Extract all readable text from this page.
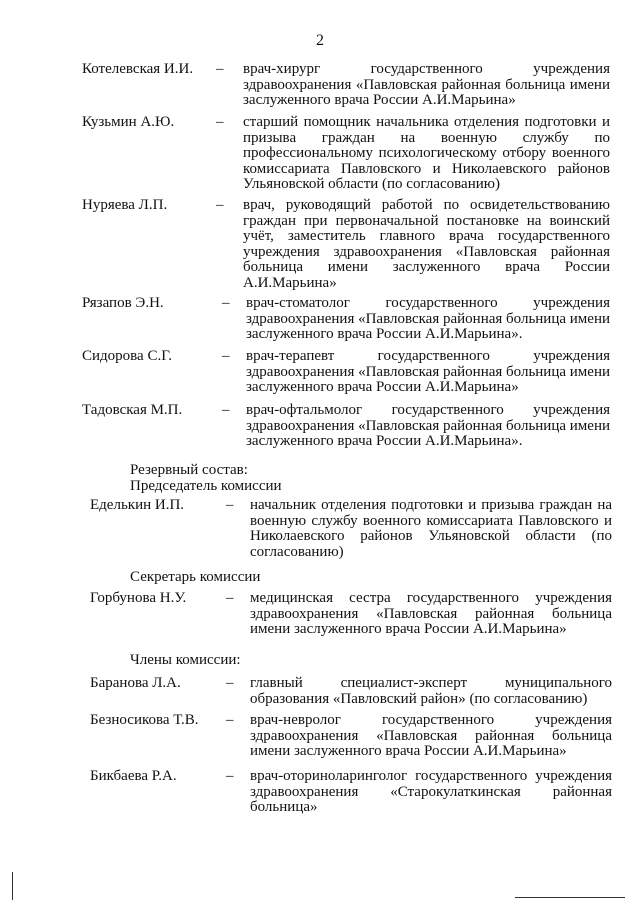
2
Котелевская И.И. – врач-хирург государственного учреждения здравоохранения «Павловская районная больница имени заслуженного врача России А.И.Марьина»
Кузьмин А.Ю.	– старший помощник начальника отделения подготовки и призыва граждан на военную службу по профессиональному психологическому отбору военного комиссариата Павловского и Николаевского районов Ульяновской области (по согласованию)
Нуряева Л.П.	– врач, руководящий работой по освидетельствованию граждан при первоначальной постановке на воинский учёт, заместитель главного врача государственного учреждения здравоохранения «Павловская районная больница имени заслуженного врача России А.И.Марьина»
Рязапов Э.Н.	– врач-стоматолог государственного учреждения здравоохранения «Павловская районная больница имени заслуженного врача России А.И.Марьина».
Сидорова С.Г.	– врач-терапевт государственного учреждения здравоохранения «Павловская районная больница имени заслуженного врача России А.И.Марьина»
Тадовская М.П.	– врач-офтальмолог государственного учреждения здравоохранения «Павловская районная больница имени заслуженного врача России А.И.Марьина».
Резервный состав:
Председатель комиссии
Еделькин И.П.	– начальник отделения подготовки и призыва граждан на военную службу военного комиссариата Павловского и Николаевского районов Ульяновской области (по согласованию)
Секретарь комиссии
Горбунова Н.У.	– медицинская сестра государственного учреждения здравоохранения «Павловская районная больница имени заслуженного врача России А.И.Марьина»
Члены комиссии:
Баранова Л.А.	– главный специалист-эксперт муниципального образования «Павловский район» (по согласованию)
Безносикова Т.В. – врач-невролог государственного учреждения здравоохранения «Павловская районная больница имени заслуженного врача России А.И.Марьина»
Бикбаева Р.А.	– врач-оториноларинголог государственного учреждения здравоохранения «Старокулаткинская районная больница»
